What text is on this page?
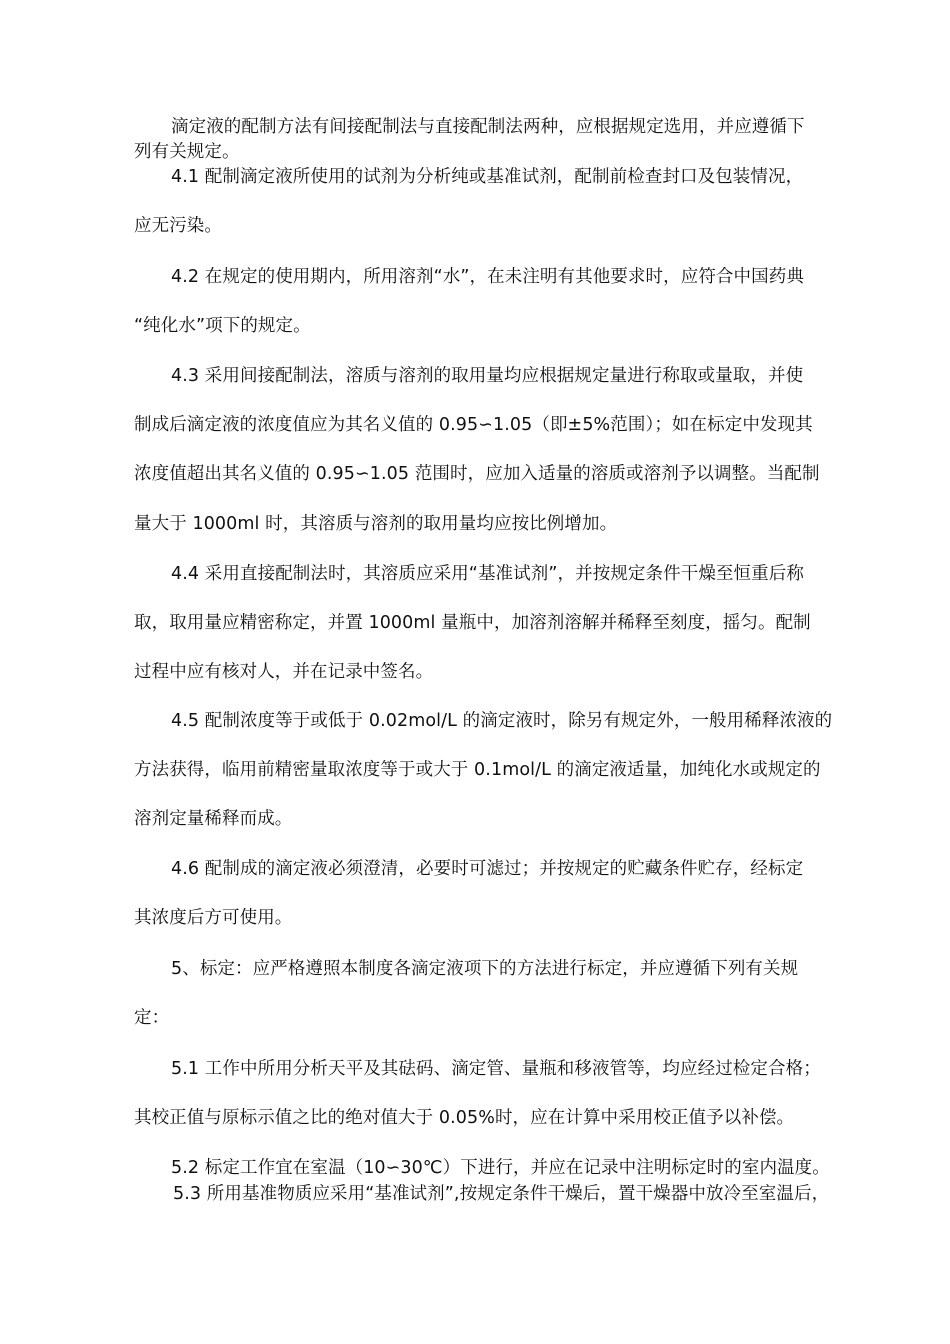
滴定液的配制方法有间接配制法与直接配制法两种，应根据规定选用，并应遵循下
列有关规定。
4.1 配制滴定液所使用的试剂为分析纯或基准试剂，配制前检查封口及包装情况，
应无污染。
4.2 在规定的使用期内，所用溶剂“水”，在未注明有其他要求时，应符合中国药典
“纯化水”项下的规定。
4.3 采用间接配制法，溶质与溶剂的取用量均应根据规定量进行称取或量取，并使
制成后滴定液的浓度值应为其名义值的 0.95∽1.05（即±5%范围）；如在标定中发现其
浓度值超出其名义值的 0.95∽1.05 范围时，应加入适量的溶质或溶剂予以调整。当配制
量大于 1000ml 时，其溶质与溶剂的取用量均应按比例增加。
4.4 采用直接配制法时，其溶质应采用“基准试剂”，并按规定条件干燥至恒重后称
取，取用量应精密称定，并置 1000ml 量瓶中，加溶剂溶解并稀释至刻度，摇匀。配制
过程中应有核对人，并在记录中签名。
4.5 配制浓度等于或低于 0.02mol/L 的滴定液时，除另有规定外，一般用稀释浓液的
方法获得，临用前精密量取浓度等于或大于 0.1mol/L 的滴定液适量，加纯化水或规定的
溶剂定量稀释而成。
4.6 配制成的滴定液必须澄清，必要时可滤过；并按规定的贮藏条件贮存，经标定
其浓度后方可使用。
5、标定：应严格遵照本制度各滴定液项下的方法进行标定，并应遵循下列有关规
定：
5.1 工作中所用分析天平及其砝码、滴定管、量瓶和移液管等，均应经过检定合格；
其校正值与原标示值之比的绝对值大于 0.05%时，应在计算中采用校正值予以补偿。
5.2 标定工作宜在室温（10∽30℃）下进行，并应在记录中注明标定时的室内温度。
5.3 所用基准物质应采用“基准试剂”,按规定条件干燥后，置干燥器中放冷至室温后，
